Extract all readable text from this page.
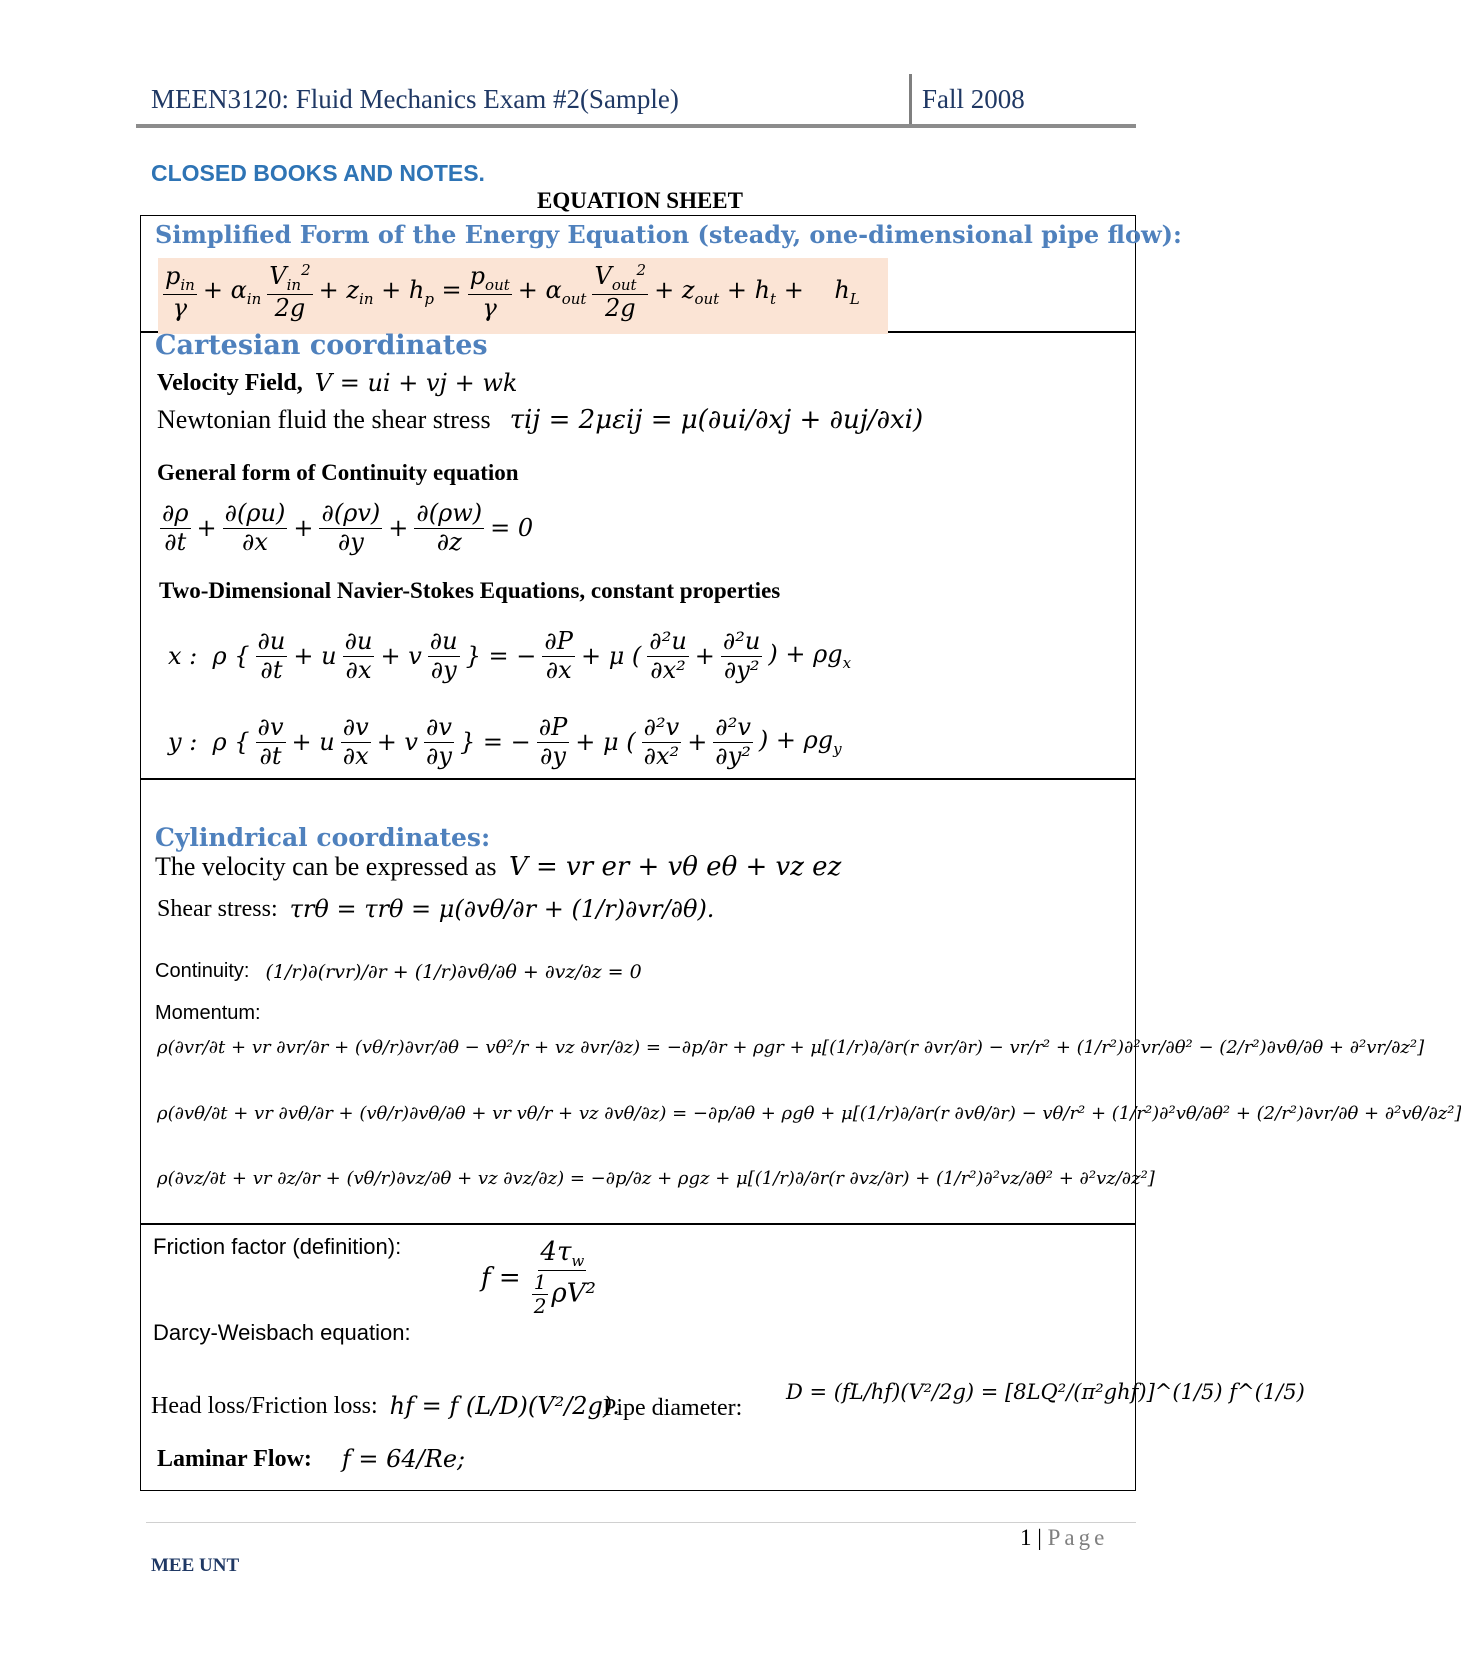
MEEN3120: Fluid Mechanics Exam #2(Sample)	Fall 2008
CLOSED BOOKS AND NOTES.
EQUATION SHEET
Simplified Form of the Energy Equation (steady, one-dimensional pipe flow):
$\frac{p_{in}}{\gamma} + \alpha_{in} \frac{V_{in}^2}{2g} + z_{in} + h_p = \frac{p_{out}}{\gamma} + \alpha_{out} \frac{V_{out}^2}{2g} + z_{out} + h_t$ +    $h_L$
Cartesian coordinates
Velocity Field,
V = ui + vj + wk
Newtonian fluid the shear stress
τij = 2μεij = μ(∂ui/∂xj + ∂uj/∂xi)
General form of Continuity equation
$\frac{\partial\rho}{\partial t} + \frac{\partial(\rho u)}{\partial x} + \frac{\partial(\rho v)}{\partial y} + \frac{\partial(\rho w)}{\partial z} = 0$
Two-Dimensional Navier-Stokes Equations, constant properties
x :  ρ { $\frac{\partial u}{\partial t} + u \frac{\partial u}{\partial x} + v \frac{\partial u}{\partial y}$ } = − $\frac{\partial P}{\partial x} + \mu$ ( $\frac{\text{∂²u}}{\text{∂x²}} + \frac{\text{∂²u}}{\text{∂y²}}$ ) + $\rho g_x$
y :  ρ { $\frac{\partial v}{\partial t} + u \frac{\partial v}{\partial x} + v \frac{\partial v}{\partial y}$ } = − $\frac{\partial P}{\partial y} + \mu$ ( $\frac{\text{∂²v}}{\text{∂x²}} + \frac{\text{∂²v}}{\text{∂y²}}$ ) + $\rho g_y$
Cylindrical coordinates:
The velocity can be expressed as
V = vr er + vθ eθ + vz ez
Shear stress:
τrθ = τrθ = μ(∂vθ/∂r + (1/r)∂vr/∂θ).
Continuity:
(1/r)∂(rvr)/∂r + (1/r)∂vθ/∂θ + ∂vz/∂z = 0
Momentum:
ρ(∂vr/∂t + vr ∂vr/∂r + (vθ/r)∂vr/∂θ − vθ²/r + vz ∂vr/∂z) = −∂p/∂r + ρgr + μ[(1/r)∂/∂r(r ∂vr/∂r) − vr/r² + (1/r²)∂²vr/∂θ² − (2/r²)∂vθ/∂θ + ∂²vr/∂z²]
ρ(∂vθ/∂t + vr ∂vθ/∂r + (vθ/r)∂vθ/∂θ + vr vθ/r + vz ∂vθ/∂z) = −∂p/∂θ + ρgθ + μ[(1/r)∂/∂r(r ∂vθ/∂r) − vθ/r² + (1/r²)∂²vθ/∂θ² + (2/r²)∂vr/∂θ + ∂²vθ/∂z²]
ρ(∂vz/∂t + vr ∂z/∂r + (vθ/r)∂vz/∂θ + vz ∂vz/∂z) = −∂p/∂z + ρgz + μ[(1/r)∂/∂r(r ∂vz/∂r) + (1/r²)∂²vz/∂θ² + ∂²vz/∂z²]
Friction factor (definition):
$f = \frac{4\tau_w}{\frac{1}{2} \rho V^2}$
Darcy-Weisbach equation:
Head loss/Friction loss:
hf = f (L/D)(V²/2g).
Pipe diameter:
D = (fL/hf)(V²/2g) = [8LQ²/(π²ghf)]^(1/5) f^(1/5)
Laminar Flow:
f = 64/Re;
1 | Page
MEE UNT
